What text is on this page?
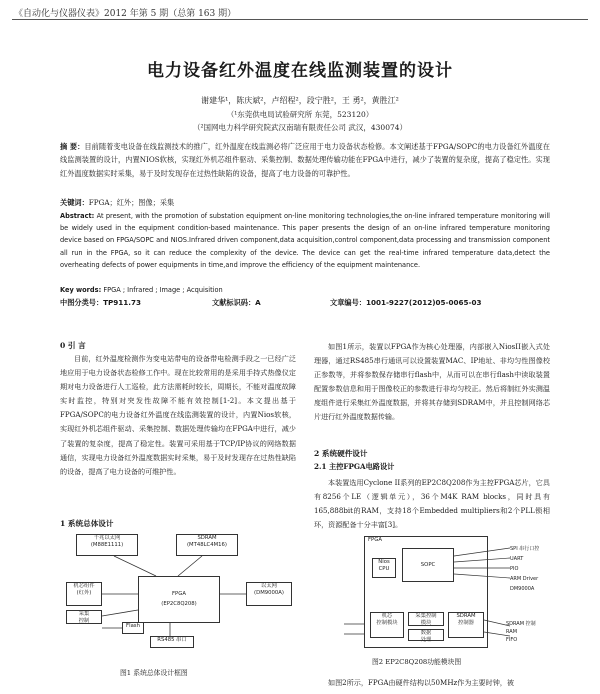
《自动化与仪器仪表》2012 年第 5 期（总第 163 期）
电力设备红外温度在线监测装置的设计
谢建华¹，陈庆斌²，卢绍程²，段宁胜²，王 勇²，黄胜江²
（¹东莞供电局试验研究所 东莞，523120）
（²国网电力科学研究院武汉南瑞有限责任公司 武汉，430074）
摘 要：目前随着变电设备在线监测技术的推广，红外温度在线监测必将广泛应用于电力设备状态检修。本文阐述基于FPGA/SOPC的电力设备红外温度在线监测装置的设计，内置NIOS软核，实现红外机芯组件驱动、采集控制、数据处理传输功能在FPGA中进行，减少了装置的复杂度，提高了稳定性。实现红外温度数据实时采集，易于及时发现存在过热性缺陷的设备，提高了电力设备的可靠护性。
关键词：FPGA；红外；图像；采集
Abstract: At present, with the promotion of substation equipment on-line monitoring technologies,the on-line infrared temperature monitoring will be widely used in the equipment condition-based maintenance. This paper presents the design of an on-line infrared temperature monitoring device based on FPGA/SOPC and NIOS.Infrared driven component,data acquisition,control component,data processing and transmission component all run in the FPGA, so it can reduce the complexity of the device. The device can get the real-time infrared temperature data,detect the overheating defects of power equipments in time,and improve the efficiency of the equipment maintenance.
Key words: FPGA ; Infrared ; Image ; Acquisition
中图分类号：TP911.73	文献标识码：A	文章编号：1001-9227(2012)05-0065-03
0 引 言
目前，红外温度检测作为变电站带电的设备带电检测手段之一已经广泛地应用于电力设备状态检修工作中。现在比较常用的是采用手持式热像仪定期对电力设备进行人工巡检，此方法需耗时较长，周期长，不能对温度故障实时监控，特别对突发性故障不能有效控制[1-2]。本文提出基于FPGA/SOPC的电力设备红外温度在线监测装置的设计，内置Nios软核，实现红外机芯组件驱动、采集控制、数据处理传输均在FPGA中进行，减少了装置的复杂度，提高了稳定性。装置可采用基于TCP/IP协议的网络数据通信，实现电力设备红外温度数据实时采集，易于及时发现存在过热性缺陷的设备，提高了电力设备的可维护性。
1 系统总体设计
千兆以太网
(M88E1111)
SDRAM
(MT48LC4M16)
FPGA
(EP2C8Q208)
机芯组件
(红外)
采集
控制
以太网
(DM9000A)
Flash
RS485 串口
图1 系统总体设计框图
如图1所示，装置以FPGA作为核心处理器，内部嵌入NiosII嵌入式处理器，通过RS485串行通讯可以设置装置MAC、IP地址、非均匀性图像校正参数等，并将参数保存储串行flash中，从而可以在串行flash中读取装置配置参数信息和用于图像校正的参数进行非均匀校正。然后将制红外实测温度组件进行采集红外温度数据，并将其存储到SDRAM中，并且控制网络芯片进行红外温度数据传输。
2 系统硬件设计
2.1 主控FPGA电路设计
本装置选用Cyclone II系列的EP2C8Q208作为主控FPGA芯片，它具有8256个LE（逻辑单元），36个M4K RAM blocks，同时具有165,888bit的RAM，支持18个Embedded multipliers和2个PLL锁相环，资源配备十分丰富[3]。
FPGA
SOPC
Nios
CPU
机芯
控制模块
SDRAM
控制器
采集控制
模块
数据
处理
SPI 串行口控
UART
PIO
ARM Driver
DM9000A
SDRAM 控制
RAM
FIFO
图2 EP2C8Q208功能模块图
如图2所示，FPGA由硬件结构以50MHz作为主要时钟，被
